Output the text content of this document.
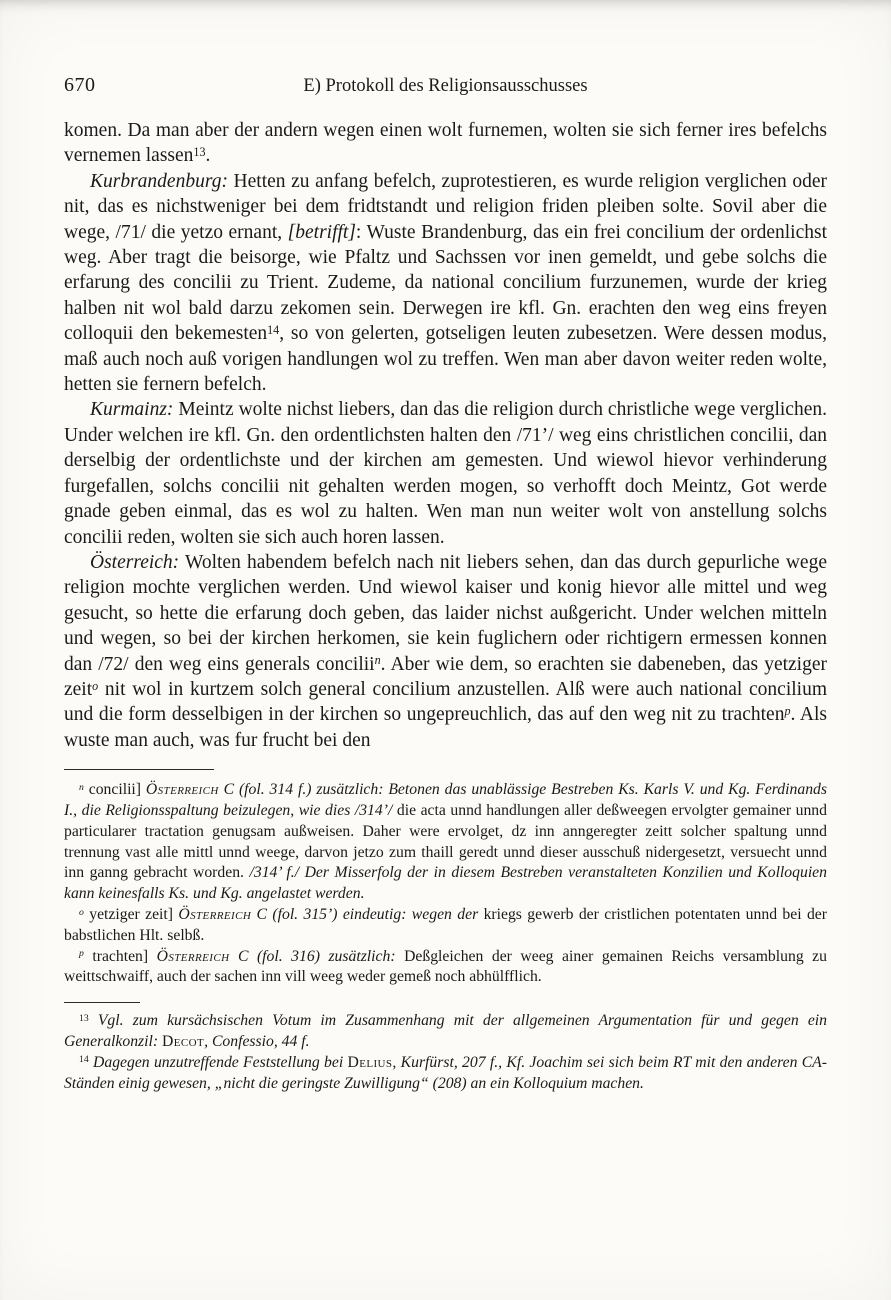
670	E) Protokoll des Religionsausschusses

komen. Da man aber der andern wegen einen wolt furnemen, wolten sie sich ferner ires befelchs vernemen lassen$^{13}$.

Kurbrandenburg: Hetten zu anfang befelch, zuprotestieren, es wurde religion verglichen oder nit, das es nichstweniger bei dem fridtstandt und religion friden pleiben solte. Sovil aber die wege, /71/ die yetzo ernant, [betrifft]: Wuste Brandenburg, das ein frei concilium der ordenlichst weg. Aber tragt die beisorge, wie Pfaltz und Sachssen vor inen gemeldt, und gebe solchs die erfarung des concilii zu Trient. Zudeme, da national concilium furzunemen, wurde der krieg halben nit wol bald darzu zekomen sein. Derwegen ire kfl. Gn. erachten den weg eins freyen colloquii den bekemesten$^{14}$, so von gelerten, gotseligen leuten zubesetzen. Were dessen modus, maß auch noch auß vorigen handlungen wol zu treffen. Wen man aber davon weiter reden wolte, hetten sie fernern befelch.

Kurmainz: Meintz wolte nichst liebers, dan das die religion durch christliche wege verglichen. Under welchen ire kfl. Gn. den ordentlichsten halten den /71’/ weg eins christlichen concilii, dan derselbig der ordentlichste und der kirchen am gemesten. Und wiewol hievor verhinderung furgefallen, solchs concilii nit gehalten werden mogen, so verhofft doch Meintz, Got werde gnade geben einmal, das es wol zu halten. Wen man nun weiter wolt von anstellung solchs concilii reden, wolten sie sich auch horen lassen.

Österreich: Wolten habendem befelch nach nit liebers sehen, dan das durch gepurliche wege religion mochte verglichen werden. Und wiewol kaiser und konig hievor alle mittel und weg gesucht, so hette die erfarung doch geben, das laider nichst außgericht. Under welchen mitteln und wegen, so bei der kirchen herkomen, sie kein fuglichern oder richtigern ermessen konnen dan /72/ den weg eins generals concilii$^n$. Aber wie dem, so erachten sie dabeneben, das yetziger zeit$^o$ nit wol in kurtzem solch general concilium anzustellen. Alß were auch national concilium und die form desselbigen in der kirchen so ungepreuchlich, das auf den weg nit zu trachten$^p$. Als wuste man auch, was fur frucht bei den

$^n$ concilii] Österreich C (fol. 314 f.) zusätzlich: Betonen das unablässige Bestreben Ks. Karls V. und Kg. Ferdinands I., die Religionsspaltung beizulegen, wie dies /314’/ die acta unnd handlungen aller deßweegen ervolgter gemainer unnd particularer tractation genugsam außweisen. Daher were ervolget, dz inn anngeregter zeitt solcher spaltung unnd trennung vast alle mittl unnd weege, darvon jetzo zum thaill geredt unnd dieser ausschuß nidergesetzt, versuecht unnd inn ganng gebracht worden. /314’ f./ Der Misserfolg der in diesem Bestreben veranstalteten Konzilien und Kolloquien kann keinesfalls Ks. und Kg. angelastet werden.

$^o$ yetziger zeit] Österreich C (fol. 315’) eindeutig: wegen der kriegs gewerb der cristlichen potentaten unnd bei der babstlichen Hlt. selbß.

$^p$ trachten] Österreich C (fol. 316) zusätzlich: Deßgleichen der weeg ainer gemainen Reichs versamblung zu weittschwaiff, auch der sachen inn vill weeg weder gemeß noch abhülfflich.

$^{13}$ Vgl. zum kursächsischen Votum im Zusammenhang mit der allgemeinen Argumentation für und gegen ein Generalkonzil: Decot, Confessio, 44 f.

$^{14}$ Dagegen unzutreffende Feststellung bei Delius, Kurfürst, 207 f., Kf. Joachim sei sich beim RT mit den anderen CA-Ständen einig gewesen, „nicht die geringste Zuwilligung“ (208) an ein Kolloquium machen.
